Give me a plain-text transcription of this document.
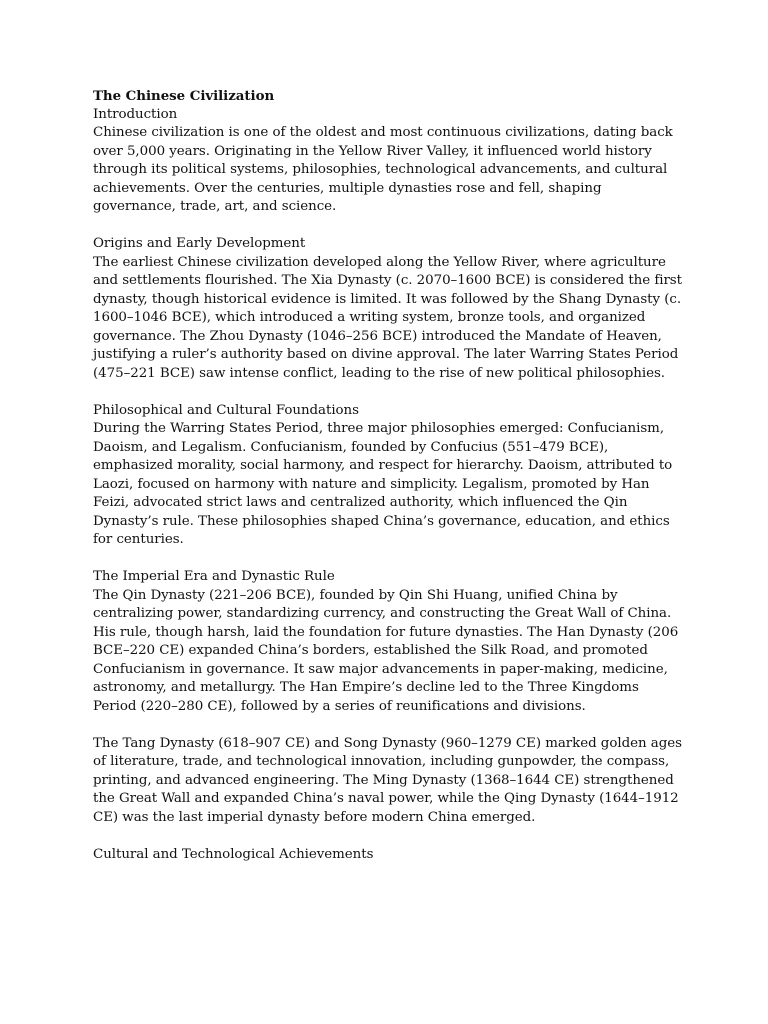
The Chinese Civilization

Introduction

Chinese civilization is one of the oldest and most continuous civilizations, dating back over 5,000 years. Originating in the Yellow River Valley, it influenced world history through its political systems, philosophies, technological advancements, and cultural achievements. Over the centuries, multiple dynasties rose and fell, shaping governance, trade, art, and science.

Origins and Early Development

The earliest Chinese civilization developed along the Yellow River, where agriculture and settlements flourished. The Xia Dynasty (c. 2070–1600 BCE) is considered the first dynasty, though historical evidence is limited. It was followed by the Shang Dynasty (c. 1600–1046 BCE), which introduced a writing system, bronze tools, and organized governance. The Zhou Dynasty (1046–256 BCE) introduced the Mandate of Heaven, justifying a ruler’s authority based on divine approval. The later Warring States Period (475–221 BCE) saw intense conflict, leading to the rise of new political philosophies.

Philosophical and Cultural Foundations

During the Warring States Period, three major philosophies emerged: Confucianism, Daoism, and Legalism. Confucianism, founded by Confucius (551–479 BCE), emphasized morality, social harmony, and respect for hierarchy. Daoism, attributed to Laozi, focused on harmony with nature and simplicity. Legalism, promoted by Han Feizi, advocated strict laws and centralized authority, which influenced the Qin Dynasty’s rule. These philosophies shaped China’s governance, education, and ethics for centuries.

The Imperial Era and Dynastic Rule

The Qin Dynasty (221–206 BCE), founded by Qin Shi Huang, unified China by centralizing power, standardizing currency, and constructing the Great Wall of China. His rule, though harsh, laid the foundation for future dynasties. The Han Dynasty (206 BCE–220 CE) expanded China’s borders, established the Silk Road, and promoted Confucianism in governance. It saw major advancements in paper-making, medicine, astronomy, and metallurgy. The Han Empire’s decline led to the Three Kingdoms Period (220–280 CE), followed by a series of reunifications and divisions.

The Tang Dynasty (618–907 CE) and Song Dynasty (960–1279 CE) marked golden ages of literature, trade, and technological innovation, including gunpowder, the compass, printing, and advanced engineering. The Ming Dynasty (1368–1644 CE) strengthened the Great Wall and expanded China’s naval power, while the Qing Dynasty (1644–1912 CE) was the last imperial dynasty before modern China emerged.

Cultural and Technological Achievements
